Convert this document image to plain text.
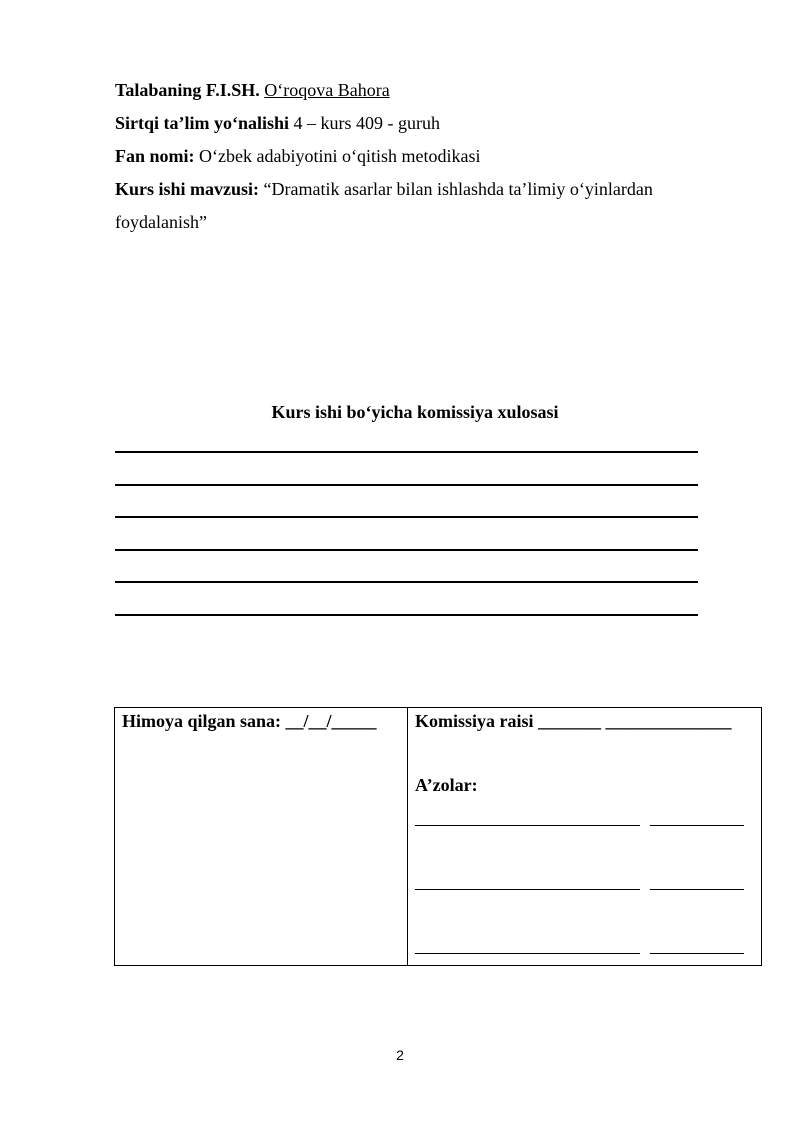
Talabaning F.I.SH. O‘roqova Bahora

Sirtqi ta’lim yo‘nalishi 4 – kurs 409 - guruh

Fan nomi: O‘zbek adabiyotini o‘qitish metodikasi

Kurs ishi mavzusi: “Dramatik asarlar bilan ishlashda ta’limiy o‘yinlardan foydalanish”

Kurs ishi bo‘yicha komissiya xulosasi
Himoya qilgan sana: __/__/_____	Komissiya raisi _______ ______________
A’zolar:
2
